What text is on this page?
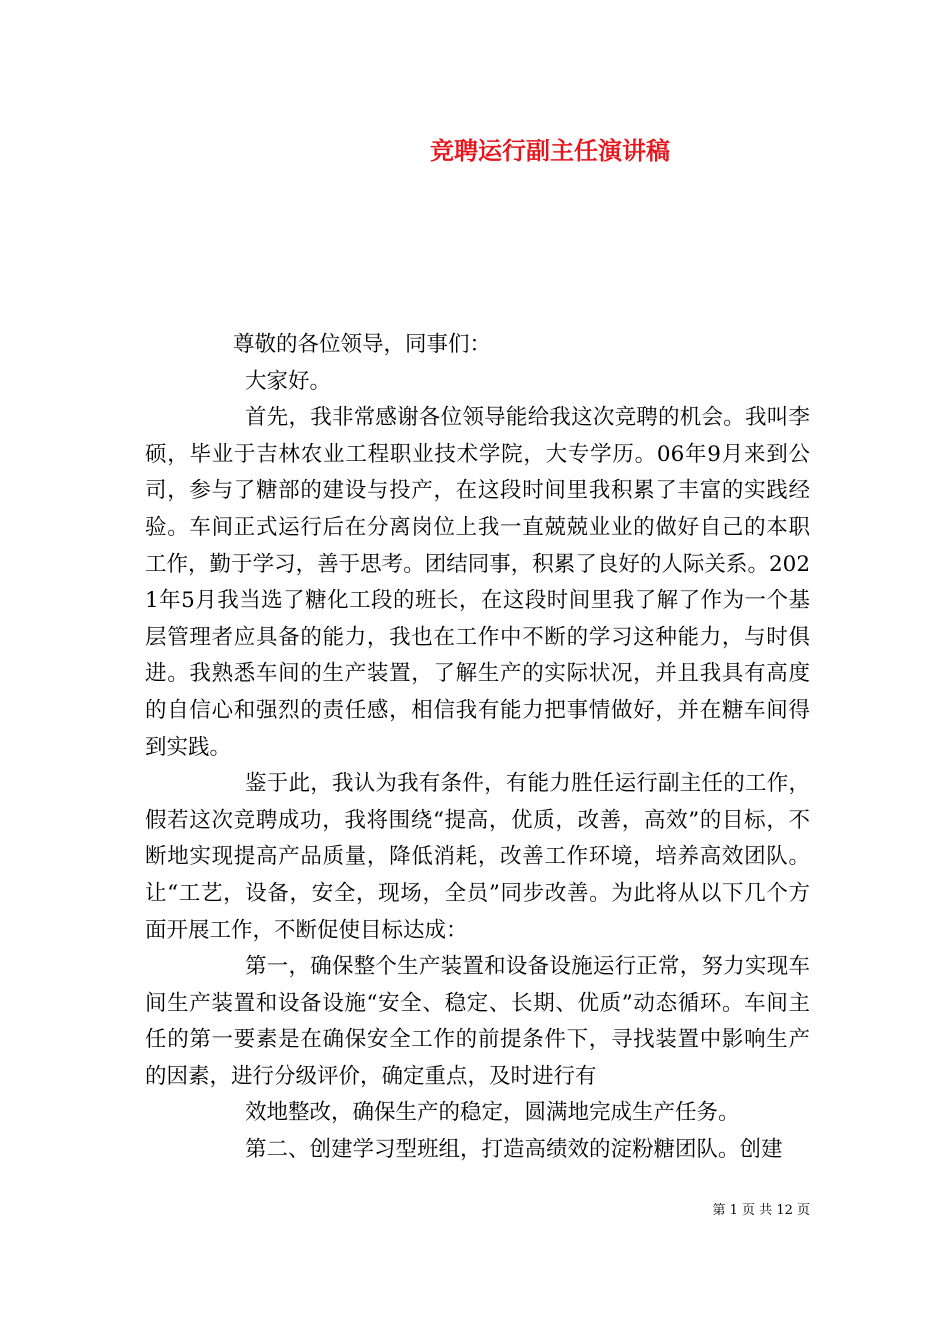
竞聘运行副主任演讲稿

尊敬的各位领导，同事们：

大家好。

首先，我非常感谢各位领导能给我这次竞聘的机会。我叫李硕，毕业于吉林农业工程职业技术学院，大专学历。06年9月来到公司，参与了糖部的建设与投产，在这段时间里我积累了丰富的实践经验。车间正式运行后在分离岗位上我一直兢兢业业的做好自己的本职工作，勤于学习，善于思考。团结同事，积累了良好的人际关系。2021年5月我当选了糖化工段的班长，在这段时间里我了解了作为一个基层管理者应具备的能力，我也在工作中不断的学习这种能力，与时俱进。我熟悉车间的生产装置，了解生产的实际状况，并且我具有高度的自信心和强烈的责任感，相信我有能力把事情做好，并在糖车间得到实践。

鉴于此，我认为我有条件，有能力胜任运行副主任的工作，假若这次竞聘成功，我将围绕“提高，优质，改善，高效”的目标，不断地实现提高产品质量，降低消耗，改善工作环境，培养高效团队。让“工艺，设备，安全，现场，全员”同步改善。为此将从以下几个方面开展工作，不断促使目标达成：

第一，确保整个生产装置和设备设施运行正常，努力实现车间生产装置和设备设施“安全、稳定、长期、优质”动态循环。车间主任的第一要素是在确保安全工作的前提条件下，寻找装置中影响生产的因素，进行分级评价，确定重点，及时进行有

效地整改，确保生产的稳定，圆满地完成生产任务。

第二、创建学习型班组，打造高绩效的淀粉糖团队。创建

第 1 页 共 12 页
